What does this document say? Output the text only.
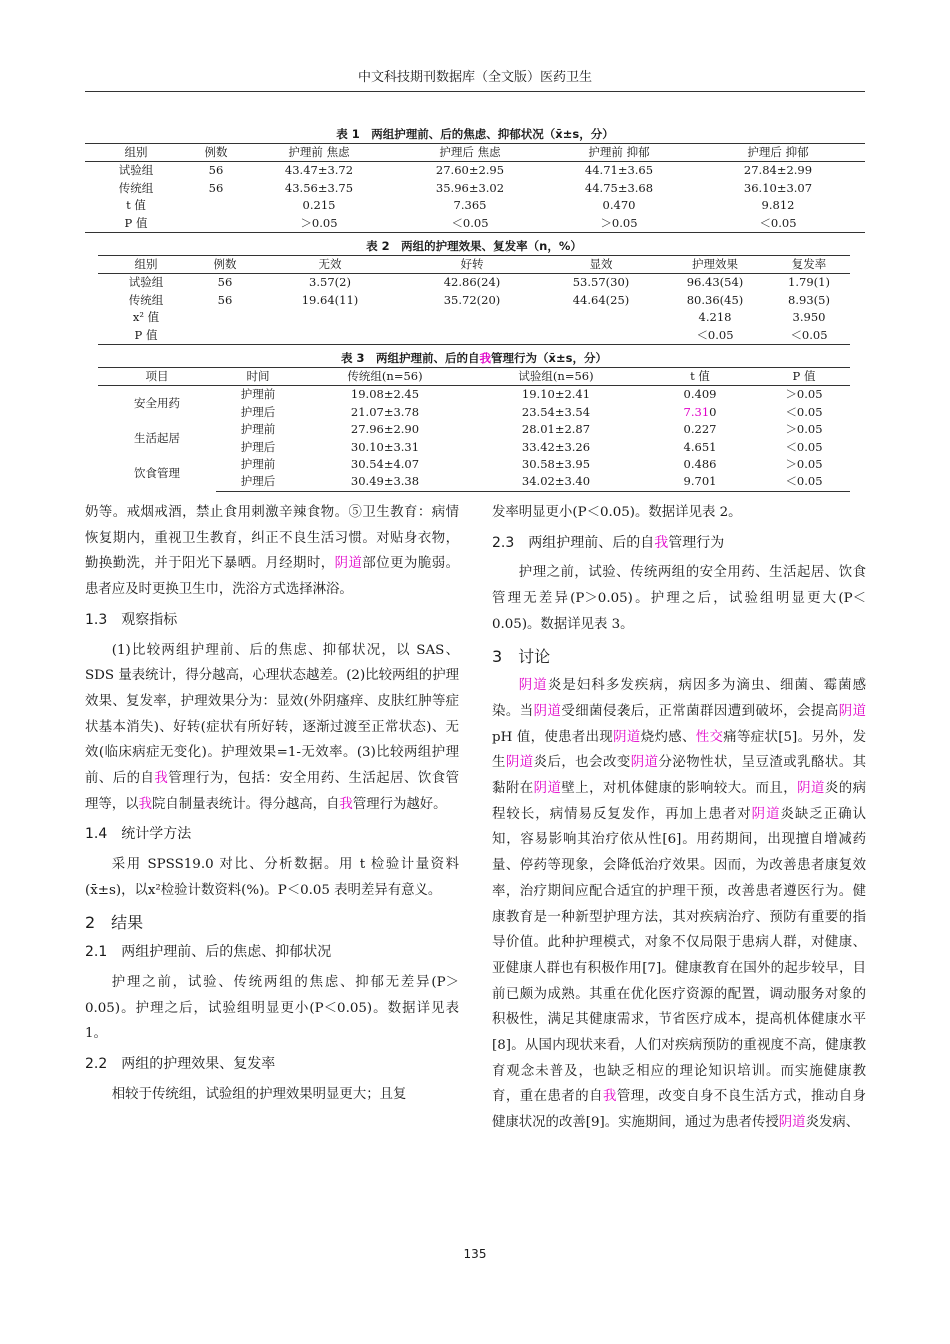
中文科技期刊数据库（全文版）医药卫生
表 1　两组护理前、后的焦虑、抑郁状况（x̄±s，分）
组别	例数	护理前 焦虑	护理后 焦虑	护理前 抑郁	护理后 抑郁
试验组	56	43.47±3.72	27.60±2.95	44.71±3.65	27.84±2.99
传统组	56	43.56±3.75	35.96±3.02	44.75±3.68	36.10±3.07
t 值		0.215	7.365	0.470	9.812
P 值		＞0.05	＜0.05	＞0.05	＜0.05
表 2　两组的护理效果、复发率（n，%）
组别	例数	无效	好转	显效	护理效果	复发率
试验组	56	3.57(2)	42.86(24)	53.57(30)	96.43(54)	1.79(1)
传统组	56	19.64(11)	35.72(20)	44.64(25)	80.36(45)	8.93(5)
x² 值					4.218	3.950
P 值					＜0.05	＜0.05
表 3　两组护理前、后的自我管理行为（x̄±s，分）
项目	时间	传统组(n=56)	试验组(n=56)	t 值	P 值
安全用药	护理前	19.08±2.45	19.10±2.41	0.409	＞0.05
	护理后	21.07±3.78	23.54±3.54	7.310	＜0.05
生活起居	护理前	27.96±2.90	28.01±2.87	0.227	＞0.05
	护理后	30.10±3.31	33.42±3.26	4.651	＜0.05
饮食管理	护理前	30.54±4.07	30.58±3.95	0.486	＞0.05
	护理后	30.49±3.38	34.02±3.40	9.701	＜0.05

奶等。戒烟戒酒，禁止食用刺激辛辣食物。⑤卫生教育：病情恢复期内，重视卫生教育，纠正不良生活习惯。对贴身衣物，勤换勤洗，并于阳光下暴晒。月经期时，阴道部位更为脆弱。患者应及时更换卫生巾，洗浴方式选择淋浴。

1.3　观察指标

(1)比较两组护理前、后的焦虑、抑郁状况，以 SAS、SDS 量表统计，得分越高，心理状态越差。(2)比较两组的护理效果、复发率，护理效果分为：显效(外阴瘙痒、皮肤红肿等症状基本消失)、好转(症状有所好转，逐渐过渡至正常状态)、无效(临床病症无变化)。护理效果=1-无效率。(3)比较两组护理前、后的自我管理行为，包括：安全用药、生活起居、饮食管理等，以我院自制量表统计。得分越高，自我管理行为越好。

1.4　统计学方法

采用 SPSS19.0 对比、分析数据。用 t 检验计量资料(x̄±s)，以x²检验计数资料(%)。P＜0.05 表明差异有意义。

2　结果

2.1　两组护理前、后的焦虑、抑郁状况

护理之前，试验、传统两组的焦虑、抑郁无差异(P＞0.05)。护理之后，试验组明显更小(P＜0.05)。数据详见表 1。

2.2　两组的护理效果、复发率

相较于传统组，试验组的护理效果明显更大；且复

发率明显更小(P＜0.05)。数据详见表 2。

2.3　两组护理前、后的自我管理行为

护理之前，试验、传统两组的安全用药、生活起居、饮食管理无差异(P＞0.05)。护理之后，试验组明显更大(P＜0.05)。数据详见表 3。

3　讨论

阴道炎是妇科多发疾病，病因多为滴虫、细菌、霉菌感染。当阴道受细菌侵袭后，正常菌群因遭到破坏，会提高阴道 pH 值，使患者出现阴道烧灼感、性交痛等症状[5]。另外，发生阴道炎后，也会改变阴道分泌物性状，呈豆渣或乳酪状。其黏附在阴道壁上，对机体健康的影响较大。而且，阴道炎的病程较长，病情易反复发作，再加上患者对阴道炎缺乏正确认知，容易影响其治疗依从性[6]。用药期间，出现擅自增减药量、停药等现象，会降低治疗效果。因而，为改善患者康复效率，治疗期间应配合适宜的护理干预，改善患者遵医行为。健康教育是一种新型护理方法，其对疾病治疗、预防有重要的指导价值。此种护理模式，对象不仅局限于患病人群，对健康、亚健康人群也有积极作用[7]。健康教育在国外的起步较早，目前已颇为成熟。其重在优化医疗资源的配置，调动服务对象的积极性，满足其健康需求，节省医疗成本，提高机体健康水平[8]。从国内现状来看，人们对疾病预防的重视度不高，健康教育观念未普及，也缺乏相应的理论知识培训。而实施健康教育，重在患者的自我管理，改变自身不良生活方式，推动自身健康状况的改善[9]。实施期间，通过为患者传授阴道炎发病、

135
